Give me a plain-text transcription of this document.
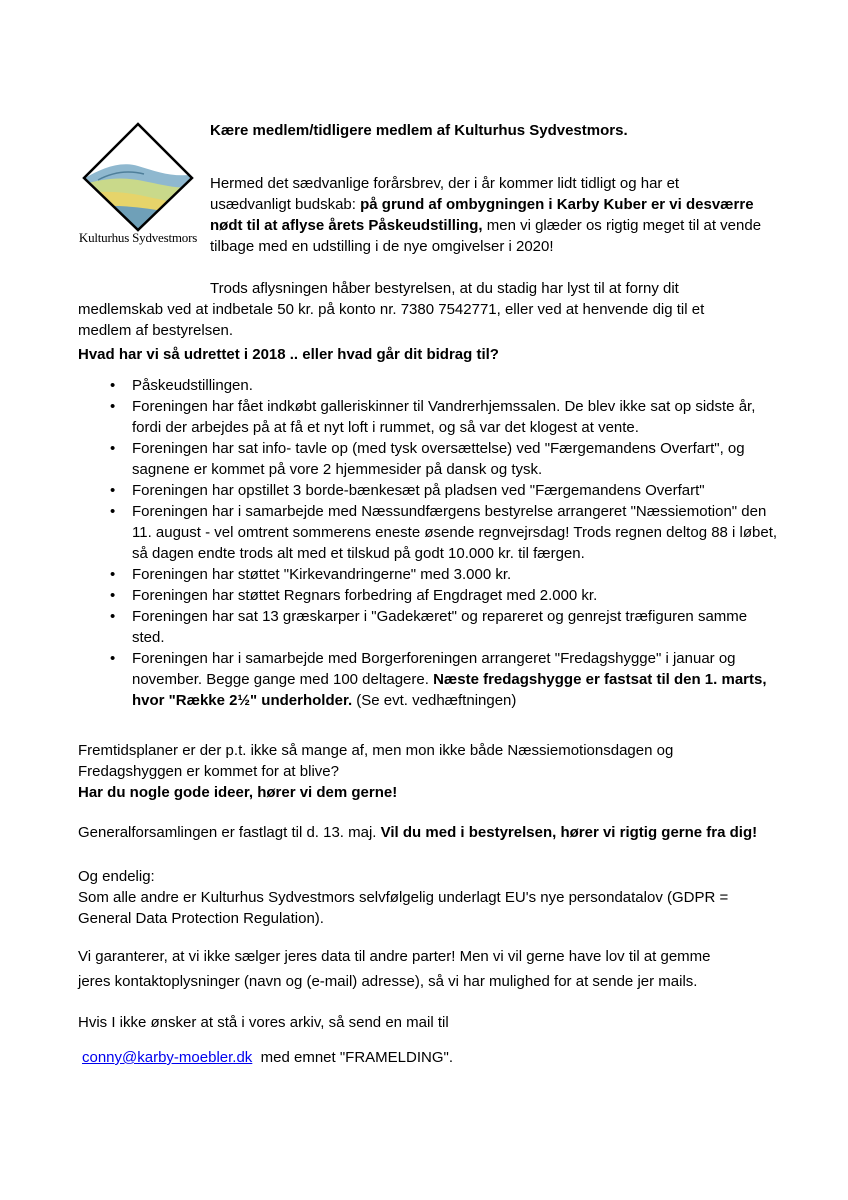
Kulturhus Sydvestmors
Kære medlem/tidligere medlem af Kulturhus Sydvestmors.

Hermed det sædvanlige forårsbrev, der i år kommer lidt tidligt og har et

usædvanligt budskab: på grund af ombygningen i Karby Kuber er vi desværre

nødt til at aflyse årets Påskeudstilling, men vi glæder os rigtig meget til at vende

tilbage med en udstilling i de nye omgivelser i 2020!

Trods aflysningen håber bestyrelsen, at du stadig har lyst til at forny dit

medlemskab ved at indbetale 50 kr. på konto nr. 7380 7542771, eller ved at henvende dig til et

medlem af bestyrelsen.

Hvad har vi så udrettet i 2018 .. eller hvad går dit bidrag til?
• Påskeudstillingen.
• Foreningen har fået indkøbt galleriskinner til Vandrerhjemssalen. De blev ikke sat op sidste år, fordi der arbejdes på at få et nyt loft i rummet, og så var det klogest at vente.
• Foreningen har sat info- tavle op (med tysk oversættelse) ved "Færgemandens Overfart", og sagnene er kommet på vore 2 hjemmesider på dansk og tysk.
• Foreningen har opstillet 3 borde-bænkesæt på pladsen ved "Færgemandens Overfart"
• Foreningen har i samarbejde med Næssundfærgens bestyrelse arrangeret "Næssiemotion" den 11. august - vel omtrent sommerens eneste øsende regnvejrsdag! Trods regnen deltog 88 i løbet, så dagen endte trods alt med et tilskud på godt 10.000 kr. til færgen.
• Foreningen har støttet "Kirkevandringerne" med 3.000 kr.
• Foreningen har støttet Regnars forbedring af Engdraget med 2.000 kr.
• Foreningen har sat 13 græskarper i "Gadekæret" og repareret og genrejst træfiguren samme sted.
• Foreningen har i samarbejde med Borgerforeningen arrangeret "Fredagshygge" i januar og november. Begge gange med 100 deltagere. Næste fredagshygge er fastsat til den 1. marts, hvor "Række 2½" underholder. (Se evt. vedhæftningen)

Fremtidsplaner er der p.t. ikke så mange af, men mon ikke både Næssiemotionsdagen og

Fredagshyggen er kommet for at blive?

Har du nogle gode ideer, hører vi dem gerne!

Generalforsamlingen er fastlagt til d. 13. maj. Vil du med i bestyrelsen, hører vi rigtig gerne fra dig!

Og endelig:

Som alle andre er Kulturhus Sydvestmors selvfølgelig underlagt EU's nye persondatalov (GDPR =

General Data Protection Regulation).

Vi garanterer, at vi ikke sælger jeres data til andre parter! Men vi vil gerne have lov til at gemme

jeres kontaktoplysninger (navn og (e-mail) adresse), så vi har mulighed for at sende jer mails.

Hvis I ikke ønsker at stå i vores arkiv, så send en mail til
conny@karby-moebler.dk  med emnet "FRAMELDING".
